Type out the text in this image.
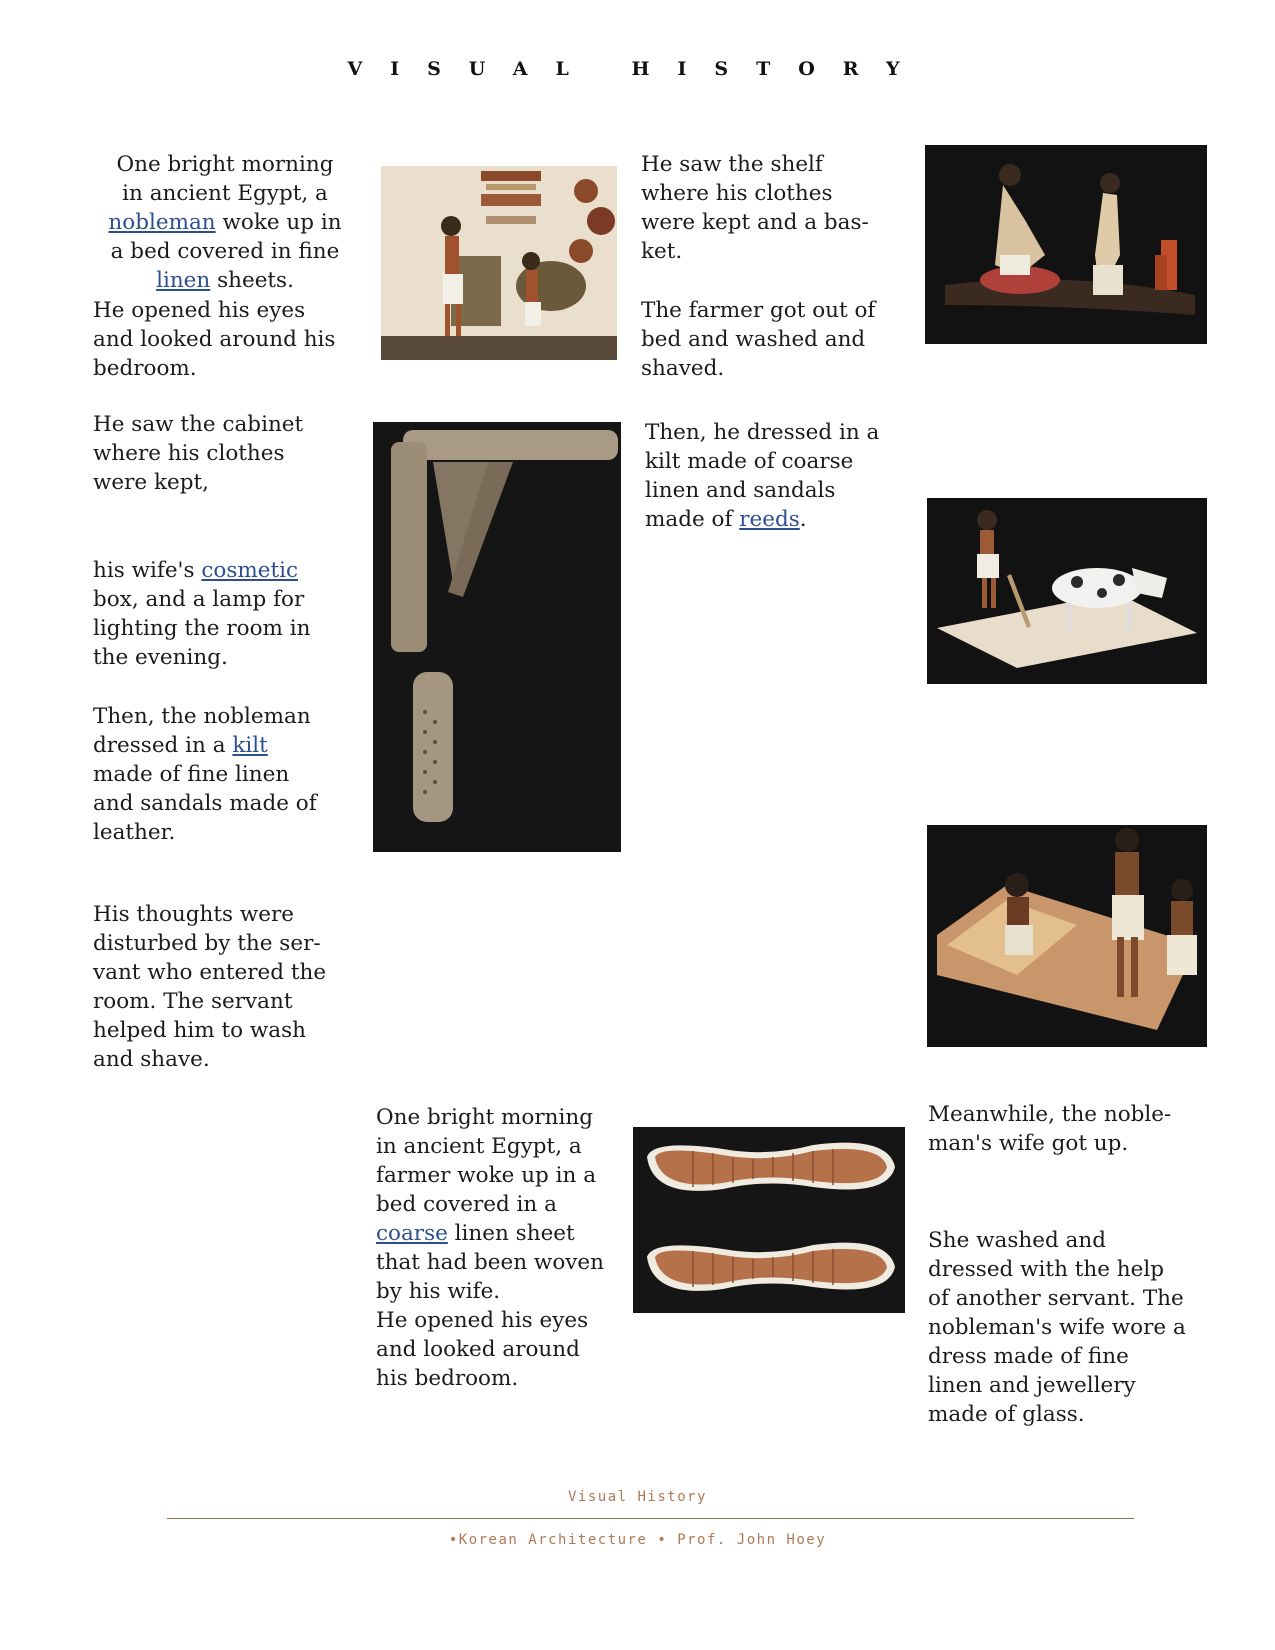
VISUAL HISTORY
One bright morning
in ancient Egypt, a
nobleman woke up in
a bed covered in fine
linen sheets.
He opened his eyes
and looked around his
bedroom.
He saw the cabinet
where his clothes
were kept,
his wife's cosmetic
box, and a lamp for
lighting the room in
the evening.
Then, the nobleman
dressed in a kilt
made of fine linen
and sandals made of
leather.
His thoughts were
disturbed by the ser-
vant who entered the
room. The servant
helped him to wash
and shave.
One bright morning
in ancient Egypt, a
farmer woke up in a
bed covered in a
coarse linen sheet
that had been woven
by his wife.
He opened his eyes
and looked around
his bedroom.
He saw the shelf
where his clothes
were kept and a bas-
ket.
The farmer got out of
bed and washed and
shaved.
Then, he dressed in a
kilt made of coarse
linen and sandals
made of reeds.
Meanwhile, the noble-
man's wife got up.
She washed and
dressed with the help
of another servant. The
nobleman's wife wore a
dress made of fine
linen and jewellery
made of glass.
Visual History
•Korean Architecture • Prof. John Hoey
